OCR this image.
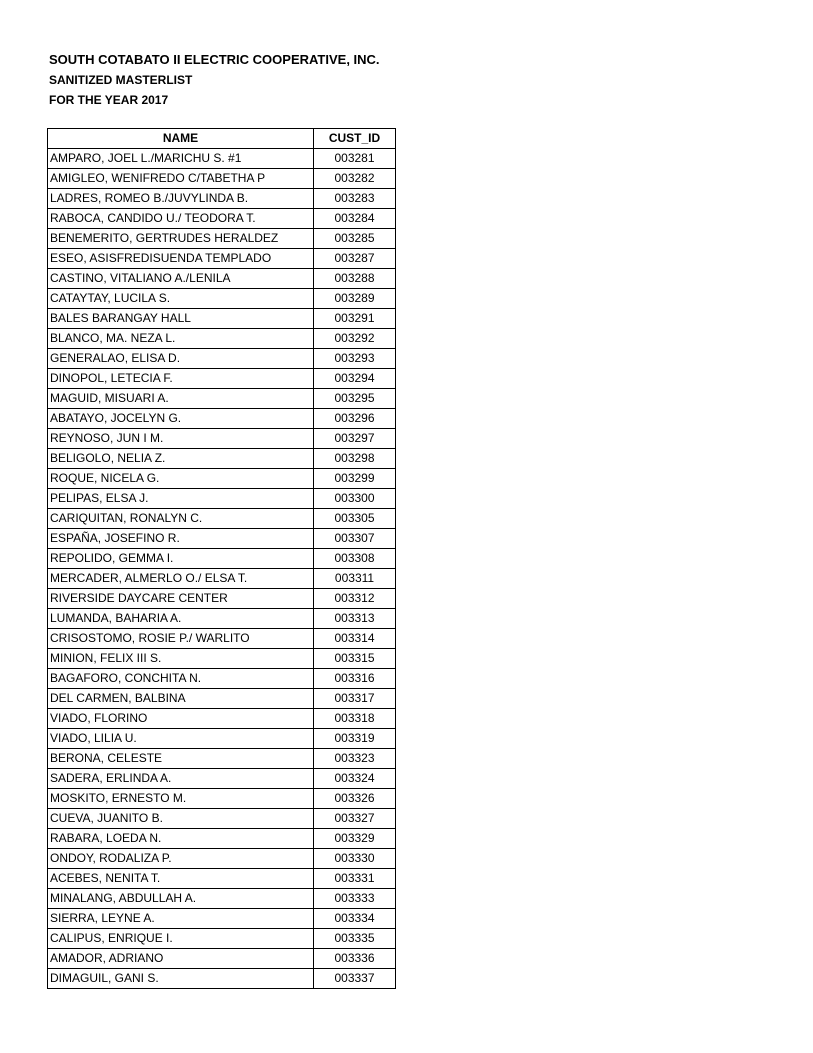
SOUTH COTABATO II ELECTRIC COOPERATIVE, INC.
SANITIZED MASTERLIST
FOR THE YEAR 2017
NAME	CUST_ID
AMPARO, JOEL L./MARICHU S. #1	003281
AMIGLEO, WENIFREDO C/TABETHA P	003282
LADRES, ROMEO B./JUVYLINDA B.	003283
RABOCA, CANDIDO U./ TEODORA T.	003284
BENEMERITO, GERTRUDES HERALDEZ	003285
ESEO, ASISFREDISUENDA TEMPLADO	003287
CASTINO, VITALIANO A./LENILA	003288
CATAYTAY, LUCILA S.	003289
BALES BARANGAY HALL	003291
BLANCO, MA. NEZA L.	003292
GENERALAO, ELISA D.	003293
DINOPOL, LETECIA F.	003294
MAGUID, MISUARI A.	003295
ABATAYO, JOCELYN G.	003296
REYNOSO, JUN I M.	003297
BELIGOLO, NELIA Z.	003298
ROQUE, NICELA G.	003299
PELIPAS, ELSA J.	003300
CARIQUITAN, RONALYN C.	003305
ESPAÑA, JOSEFINO R.	003307
REPOLIDO, GEMMA I.	003308
MERCADER, ALMERLO O./ ELSA T.	003311
RIVERSIDE DAYCARE CENTER	003312
LUMANDA, BAHARIA A.	003313
CRISOSTOMO, ROSIE P./ WARLITO	003314
MINION, FELIX III S.	003315
BAGAFORO, CONCHITA N.	003316
DEL CARMEN, BALBINA	003317
VIADO, FLORINO	003318
VIADO, LILIA U.	003319
BERONA, CELESTE	003323
SADERA, ERLINDA A.	003324
MOSKITO, ERNESTO M.	003326
CUEVA, JUANITO B.	003327
RABARA, LOEDA N.	003329
ONDOY, RODALIZA P.	003330
ACEBES, NENITA T.	003331
MINALANG, ABDULLAH A.	003333
SIERRA, LEYNE A.	003334
CALIPUS, ENRIQUE I.	003335
AMADOR, ADRIANO	003336
DIMAGUIL, GANI S.	003337
